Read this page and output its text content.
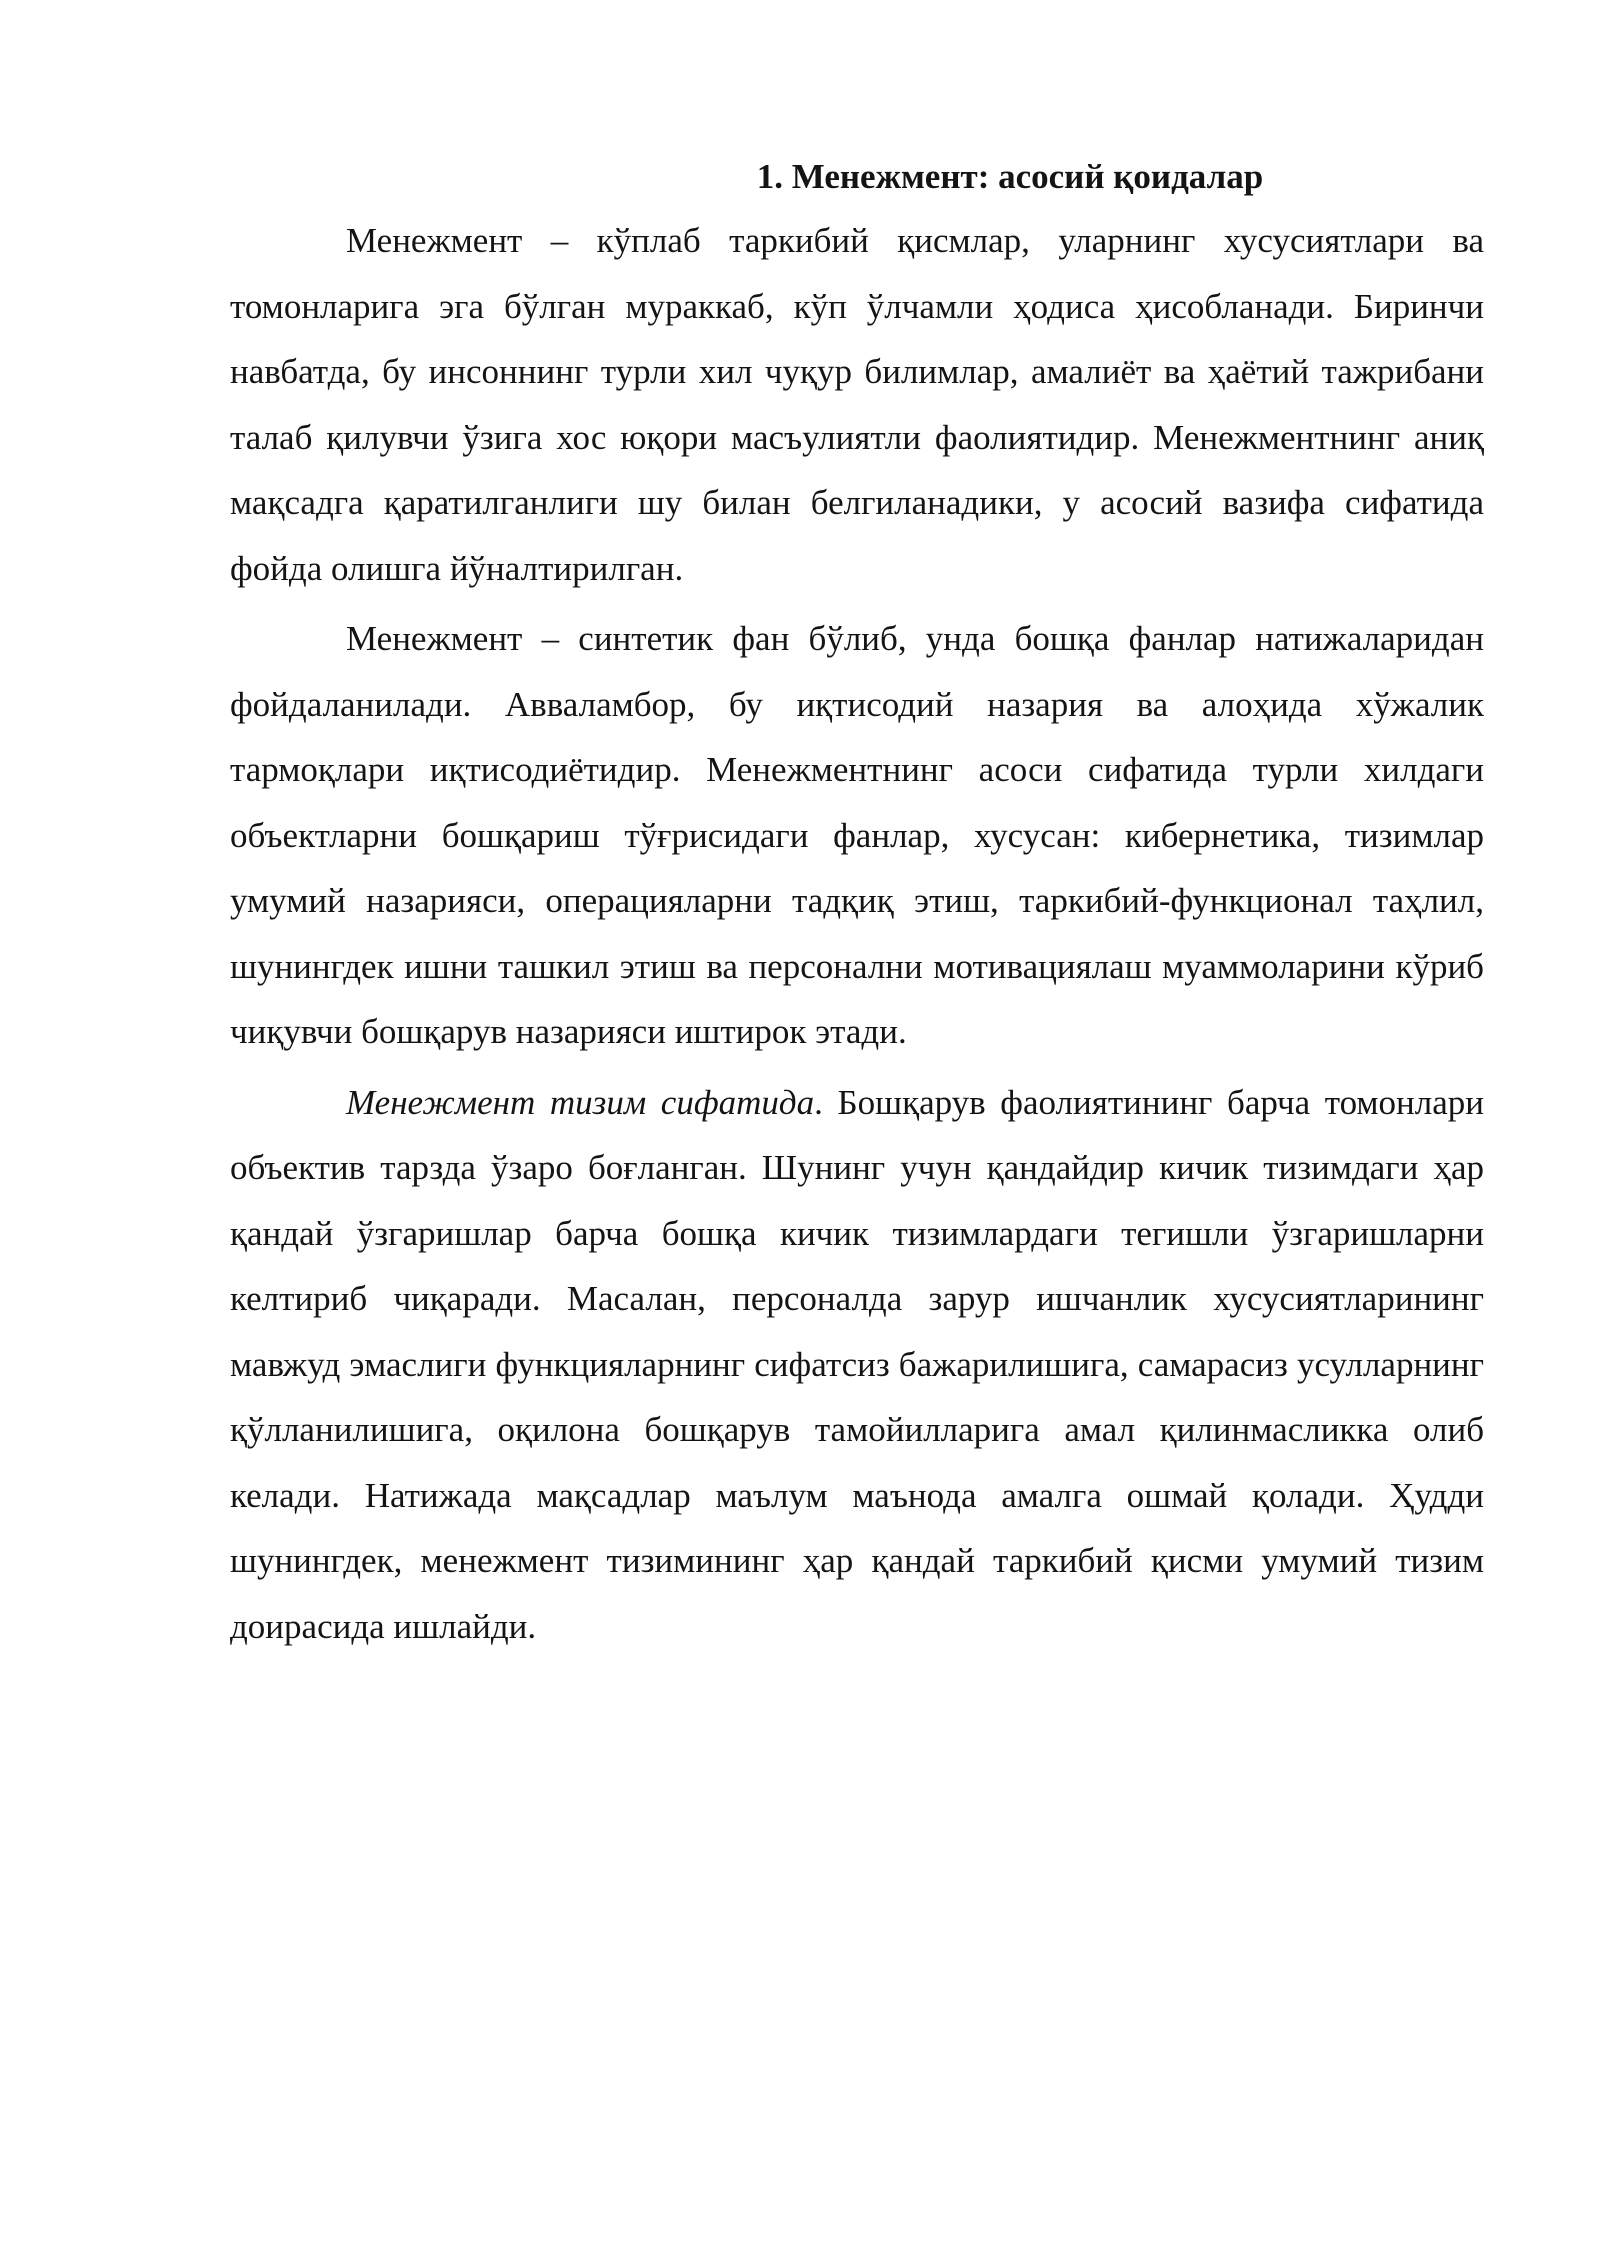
1. Менежмент: асосий қоидалар

Менежмент – кўплаб таркибий қисмлар, уларнинг хусусиятлари ва томонларига эга бўлган мураккаб, кўп ўлчамли ҳодиса ҳисобланади. Биринчи навбатда, бу инсоннинг турли хил чуқур билимлар, амалиёт ва ҳаётий тажрибани талаб қилувчи ўзига хос юқори масъулиятли фаолиятидир. Менежментнинг аниқ мақсадга қаратилганлиги шу билан белгиланадики, у асосий вазифа сифатида фойда олишга йўналтирилган.

Менежмент – синтетик фан бўлиб, унда бошқа фанлар натижаларидан фойдаланилади. Авваламбор, бу иқтисодий назария ва алоҳида хўжалик тармоқлари иқтисодиётидир. Менежментнинг асоси сифатида турли хилдаги объектларни бошқариш тўғрисидаги фанлар, хусусан: кибернетика, тизимлар умумий назарияси, операцияларни тадқиқ этиш, таркибий-функционал таҳлил, шунингдек ишни ташкил этиш ва персонални мотивациялаш муаммоларини кўриб чиқувчи бошқарув назарияси иштирок этади.

Менежмент тизим сифатида. Бошқарув фаолиятининг барча томонлари объектив тарзда ўзаро боғланган. Шунинг учун қандайдир кичик тизимдаги ҳар қандай ўзгаришлар барча бошқа кичик тизимлардаги тегишли ўзгаришларни келтириб чиқаради. Масалан, персоналда зарур ишчанлик хусусиятларининг мавжуд эмаслиги функцияларнинг сифатсиз бажарилишига, самарасиз усулларнинг қўлланилишига, оқилона бошқарув тамойилларига амал қилинмасликка олиб келади. Натижада мақсадлар маълум маънода амалга ошмай қолади. Ҳудди шунингдек, менежмент тизимининг ҳар қандай таркибий қисми умумий тизим доирасида ишлайди.
